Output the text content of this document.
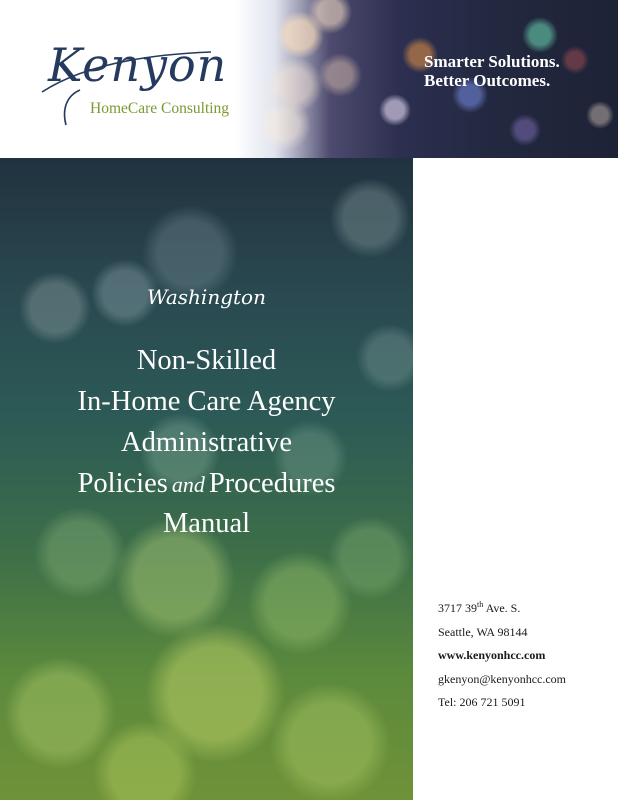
Kenyon
HomeCare Consulting
Smarter Solutions.
Better Outcomes.
Washington
Non-Skilled
In-Home Care Agency
Administrative
Policies and Procedures
Manual
3717 39th Ave. S.
Seattle, WA 98144
www.kenyonhcc.com
gkenyon@kenyonhcc.com
Tel: 206 721 5091
